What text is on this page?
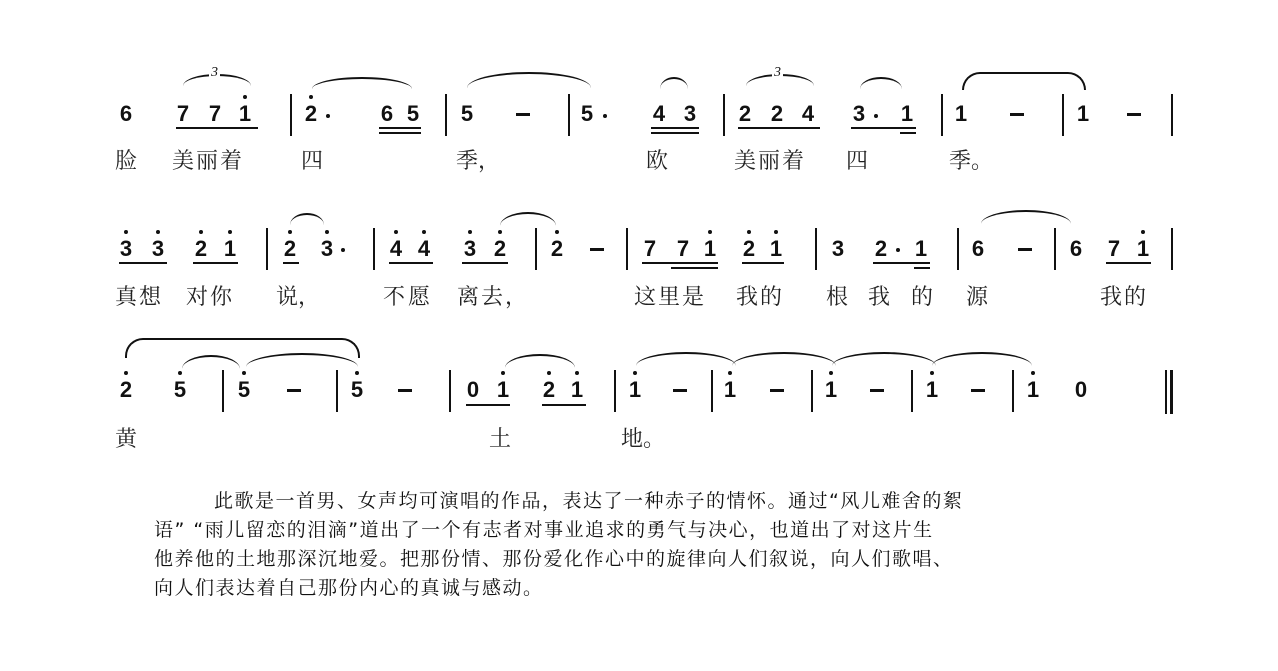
6
3
7 7 1 2	6 5 5	5	4 3
3
2 2 4 3 1 1	1
脸 美丽着	四	季，	欧	美丽着 四	季。
3 3 2 1 2 3	4 4 3 2 2	7 7 1 2 1 3 2 1 6	6 7 1
真想 对你 说，	不愿 离去，	这里是 我的 根 我 的 源	我的
2 5 5	5	0 1 2 1 1	1	1	1	1 0
黄	土	地。
此歌是一首男、女声均可演唱的作品，表达了一种赤子的情怀。通过“风儿难舍的絮
语” “雨儿留恋的泪滴”道出了一个有志者对事业追求的勇气与决心，也道出了对这片生
他养他的土地那深沉地爱。把那份情、那份爱化作心中的旋律向人们叙说，向人们歌唱、
向人们表达着自己那份内心的真诚与感动。
